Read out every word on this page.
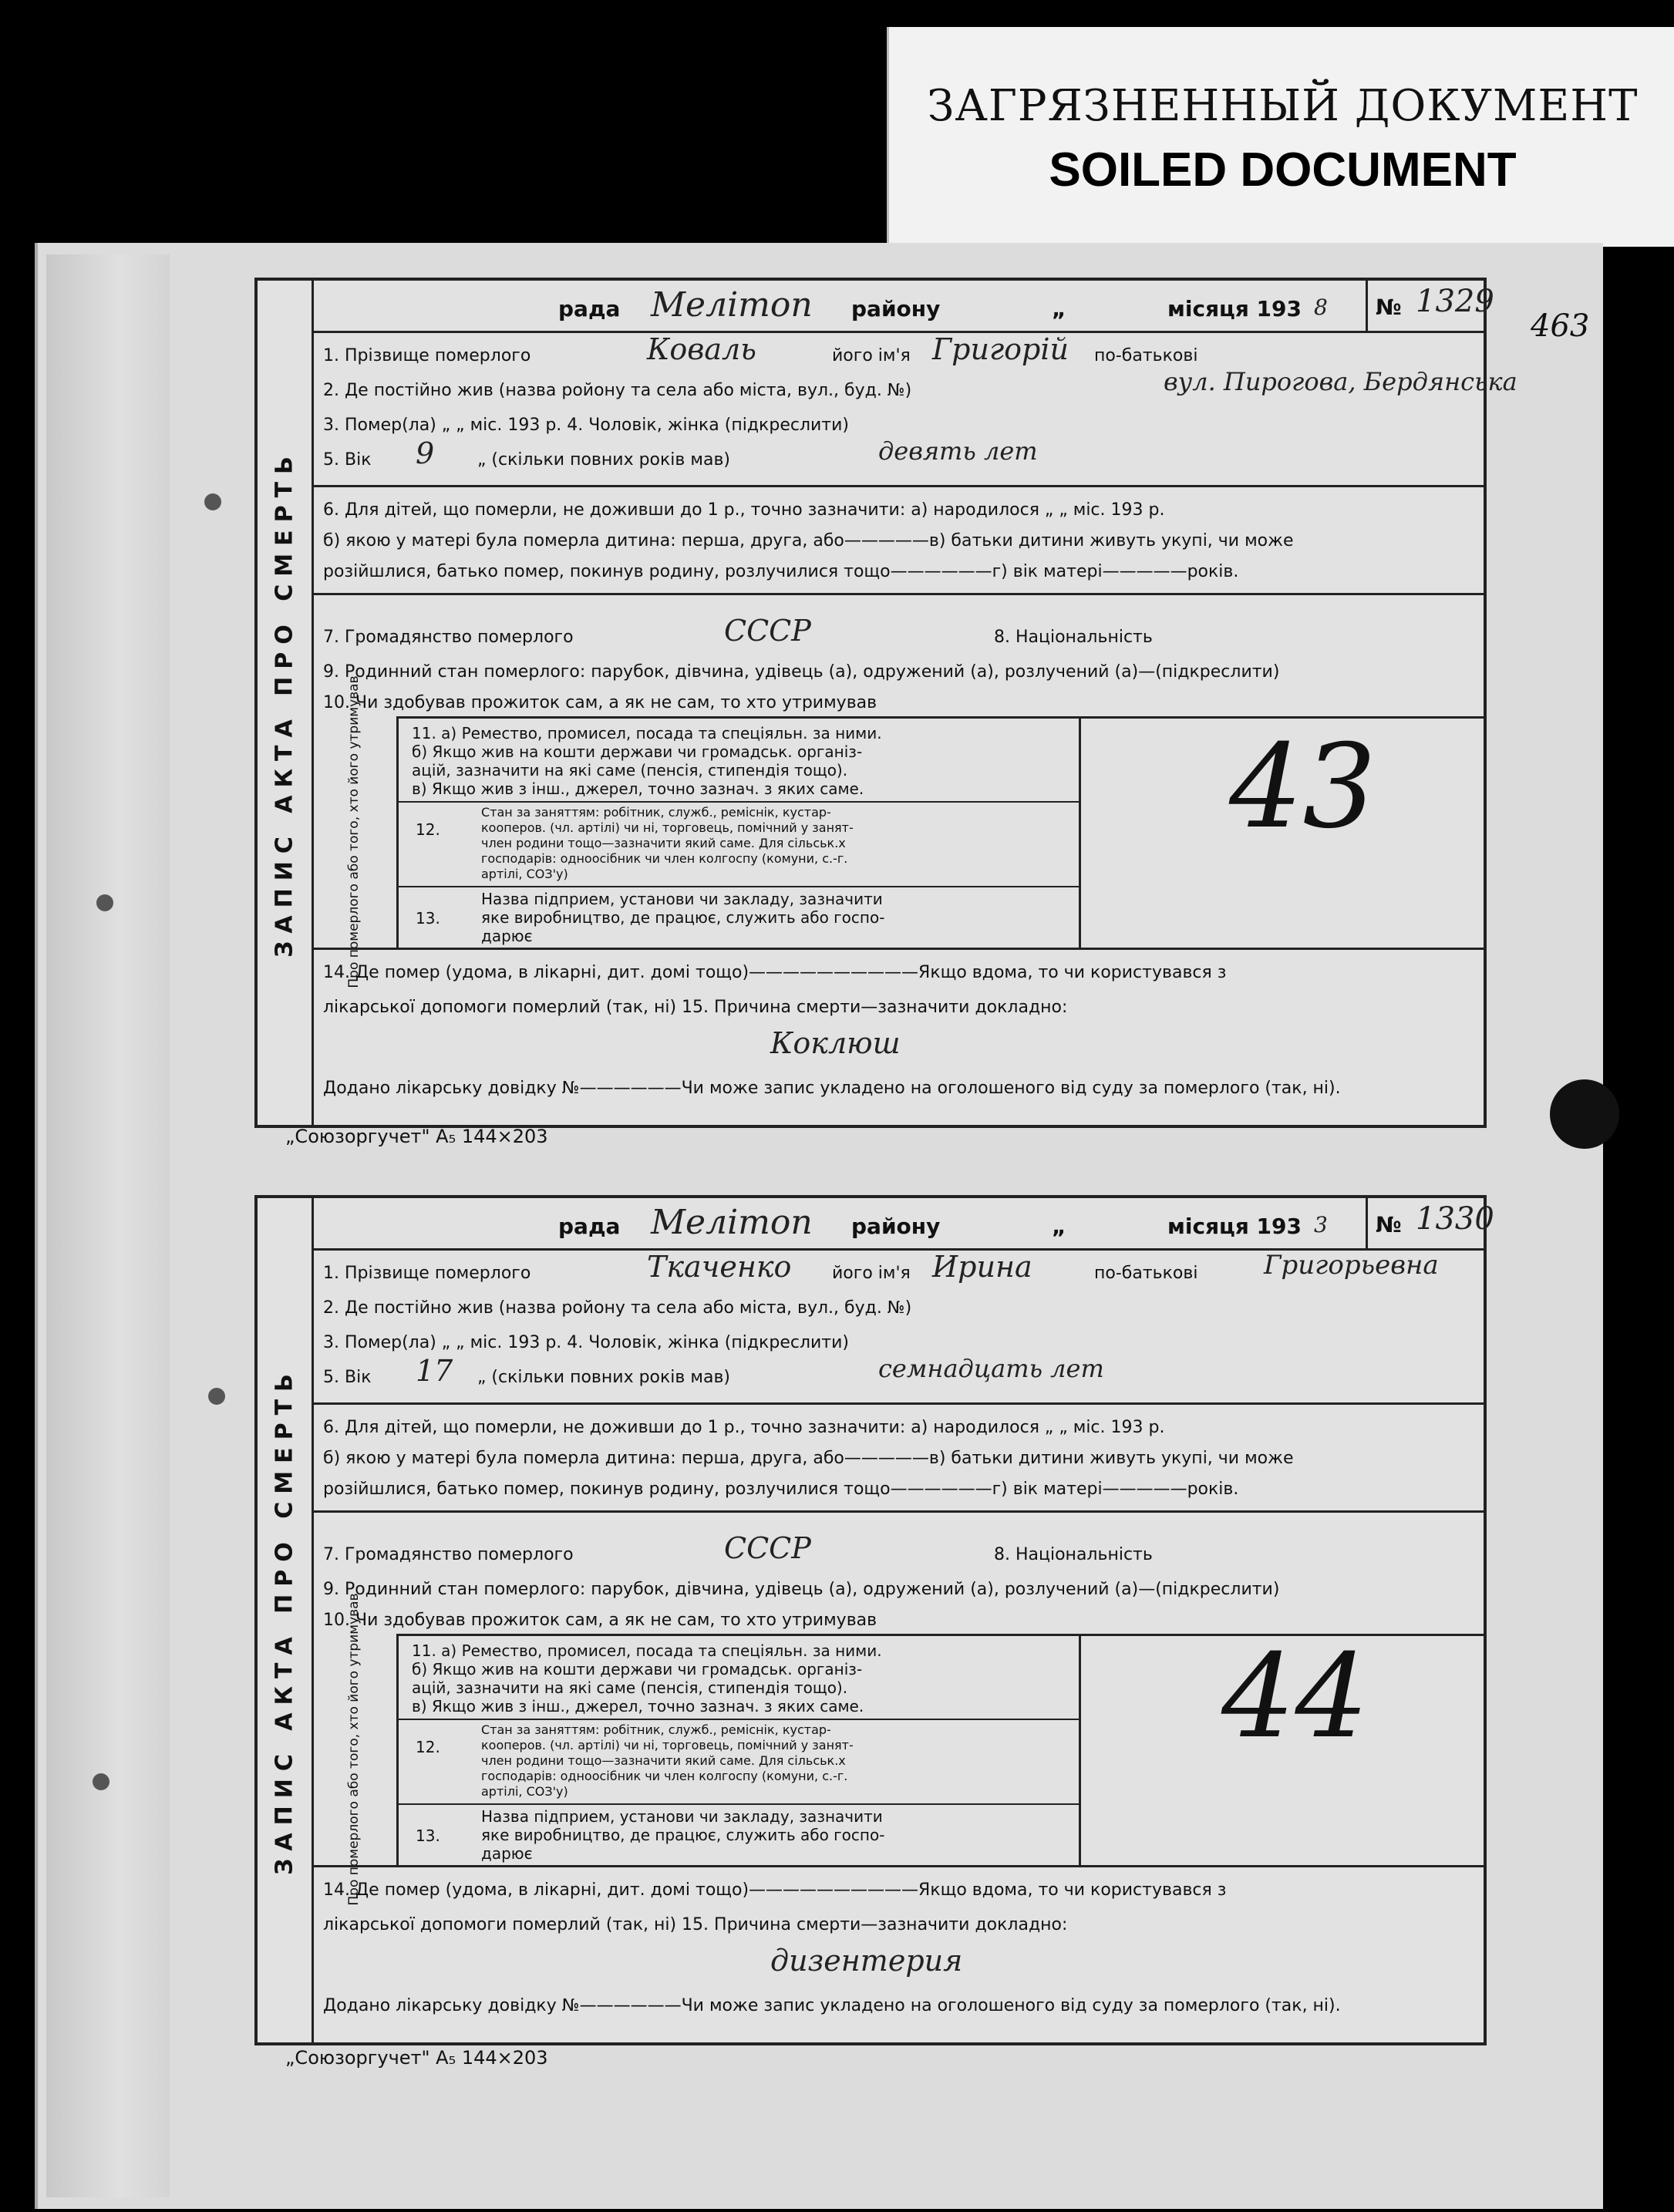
ЗАГРЯЗНЕННЫЙ ДОКУМЕНТ
SOILED DOCUMENT
463
ЗАПИС АКТА ПРО СМЕРТЬ
рада Мелітоп районy	„	місяця 193 8 № 1329
1. Прізвище померлого	Коваль	його ім'я Григорій по-батькові
2. Де постійно жив (назва ройону та села або міста, вул., буд. №)	вул. Пирогова, Бердянська
3. Помер(ла) „ „ міс. 193 р. 4. Чоловік, жінка (підкреслити)
5. Вік 9	„ (скільки повних років мав)	девять лет
6. Для дітей, що померли, не доживши до 1 р., точно зазначити: а) народилося „ „ міс. 193 р.
б) якою у матері була померла дитина: перша, друга, або—————в) батьки дитини живуть укупі, чи може
розійшлися, батько помер, покинув родину, розлучилися тощо——————г) вік матері—————років.
7. Громадянство померлого	СССР	8. Національність
9. Родинний стан померлого: парубок, дівчина, удівець (а), одружений (а), розлучений (а)—(підкреслити)
10. Чи здобував прожиток сам, а як не сам, то хто утримував
Про померлого або того, хто його утримував	11. а) Ремество, промисел, посада та спеціяльн. за ними.
б) Якщо жив на кошти держави чи громадськ. організ-
ацій, зазначити на які саме (пенсія, стипендія тощо).
в) Якщо жив з інш., джерел, точно зазнач. з яких саме.
12.
Стан за заняттям: робітник, служб., реміснік, кустар-
кооперов. (чл. артілі) чи ні, торговець, помічний у занят-
член родини тощо—зазначити який саме. Для сільськ.х
господарів: одноосібник чи член колгоспу (комуни, с.-г.
артілі, СОЗ'у)
13.
Назва підприем, установи чи закладу, зазначити
яке виробництво, де працює, служить або госпо-
дарює
43
14. Де помер (удома, в лікарні, дит. домі тощо)——————————Якщо вдома, то чи користувався з
лікарської допомоги померлий (так, ні) 15. Причина смерти—зазначити докладно:
Коклюш
Додано лікарську довідку №——————Чи може запис укладено на оголошеного від суду за померлого (так, ні).
„Союзоргучет" А₅ 144×203
ЗАПИС АКТА ПРО СМЕРТЬ
рада Мелітоп районy	„	місяця 193 3 № 1330
1. Прізвище померлого	Ткаченко його ім'я Ирина	по-батькові	Григорьевна
2. Де постійно жив (назва ройону та села або міста, вул., буд. №)
3. Помер(ла) „ „ міс. 193 р. 4. Чоловік, жінка (підкреслити)
5. Вік 17 „ (скільки повних років мав)	семнадцать лет
6. Для дітей, що померли, не доживши до 1 р., точно зазначити: а) народилося „ „ міс. 193 р.
б) якою у матері була померла дитина: перша, друга, або—————в) батьки дитини живуть укупі, чи може
розійшлися, батько помер, покинув родину, розлучилися тощо——————г) вік матері—————років.
7. Громадянство померлого	СССР	8. Національність
9. Родинний стан померлого: парубок, дівчина, удівець (а), одружений (а), розлучений (а)—(підкреслити)
10. Чи здобував прожиток сам, а як не сам, то хто утримував
Про померлого або того, хто його утримував	11. а) Ремество, промисел, посада та спеціяльн. за ними.
б) Якщо жив на кошти держави чи громадськ. організ-
ацій, зазначити на які саме (пенсія, стипендія тощо).
в) Якщо жив з інш., джерел, точно зазнач. з яких саме.
12.
Стан за заняттям: робітник, служб., реміснік, кустар-
кооперов. (чл. артілі) чи ні, торговець, помічний у занят-
член родини тощо—зазначити який саме. Для сільськ.х
господарів: одноосібник чи член колгоспу (комуни, с.-г.
артілі, СОЗ'у)
13.
Назва підприем, установи чи закладу, зазначити
яке виробництво, де працює, служить або госпо-
дарює
44
14. Де помер (удома, в лікарні, дит. домі тощо)——————————Якщо вдома, то чи користувався з
лікарської допомоги померлий (так, ні) 15. Причина смерти—зазначити докладно:
дизентерия
Додано лікарську довідку №——————Чи може запис укладено на оголошеного від суду за померлого (так, ні).
„Союзоргучет" А₅ 144×203
